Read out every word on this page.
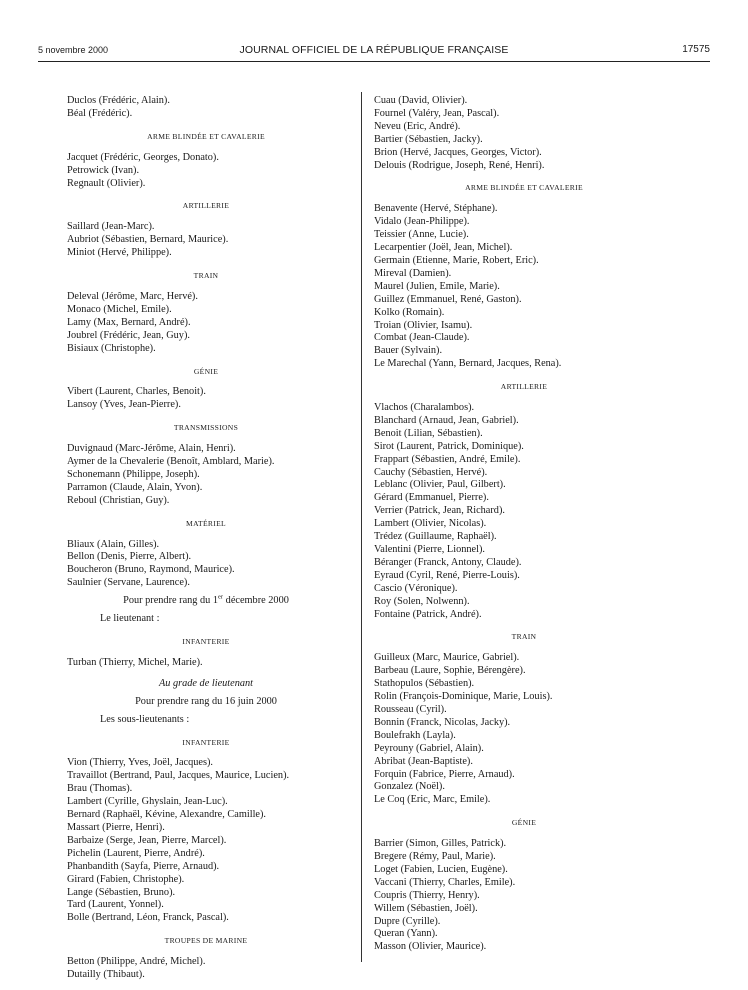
5 novembre 2000	JOURNAL OFFICIEL DE LA RÉPUBLIQUE FRANÇAISE	17575
Duclos (Frédéric, Alain).
Béal (Frédéric).
ARME BLINDÉE ET CAVALERIE
Jacquet (Frédéric, Georges, Donato).
Petrowick (Ivan).
Regnault (Olivier).
ARTILLERIE
Saillard (Jean-Marc).
Aubriot (Sébastien, Bernard, Maurice).
Miniot (Hervé, Philippe).
TRAIN
Deleval (Jérôme, Marc, Hervé).
Monaco (Michel, Emile).
Lamy (Max, Bernard, André).
Joubrel (Frédéric, Jean, Guy).
Bisiaux (Christophe).
GÉNIE
Vibert (Laurent, Charles, Benoit).
Lansoy (Yves, Jean-Pierre).
TRANSMISSIONS
Duvignaud (Marc-Jérôme, Alain, Henri).
Aymer de la Chevalerie (Benoît, Amblard, Marie).
Schonemann (Philippe, Joseph).
Parramon (Claude, Alain, Yvon).
Reboul (Christian, Guy).
MATÉRIEL
Bliaux (Alain, Gilles).
Bellon (Denis, Pierre, Albert).
Boucheron (Bruno, Raymond, Maurice).
Saulnier (Servane, Laurence).
Pour prendre rang du 1er décembre 2000
Le lieutenant :
INFANTERIE
Turban (Thierry, Michel, Marie).
Au grade de lieutenant
Pour prendre rang du 16 juin 2000
Les sous-lieutenants :
INFANTERIE
Vion (Thierry, Yves, Joël, Jacques).
Travaillot (Bertrand, Paul, Jacques, Maurice, Lucien).
Brau (Thomas).
Lambert (Cyrille, Ghyslain, Jean-Luc).
Bernard (Raphaël, Kévine, Alexandre, Camille).
Massart (Pierre, Henri).
Barbaize (Serge, Jean, Pierre, Marcel).
Pichelin (Laurent, Pierre, André).
Phanbandith (Sayfa, Pierre, Arnaud).
Girard (Fabien, Christophe).
Lange (Sébastien, Bruno).
Tard (Laurent, Yonnel).
Bolle (Bertrand, Léon, Franck, Pascal).
TROUPES DE MARINE
Betton (Philippe, André, Michel).
Dutailly (Thibaut).
Cuau (David, Olivier).
Fournel (Valéry, Jean, Pascal).
Neveu (Eric, André).
Bartier (Sébastien, Jacky).
Brion (Hervé, Jacques, Georges, Victor).
Delouis (Rodrigue, Joseph, René, Henri).
ARME BLINDÉE ET CAVALERIE
Benavente (Hervé, Stéphane).
Vidalo (Jean-Philippe).
Teissier (Anne, Lucie).
Lecarpentier (Joël, Jean, Michel).
Germain (Etienne, Marie, Robert, Eric).
Mireval (Damien).
Maurel (Julien, Emile, Marie).
Guillez (Emmanuel, René, Gaston).
Kolko (Romain).
Troian (Olivier, Isamu).
Combat (Jean-Claude).
Bauer (Sylvain).
Le Marechal (Yann, Bernard, Jacques, Rena).
ARTILLERIE
Vlachos (Charalambos).
Blanchard (Arnaud, Jean, Gabriel).
Benoit (Lilian, Sébastien).
Sirot (Laurent, Patrick, Dominique).
Frappart (Sébastien, André, Emile).
Cauchy (Sébastien, Hervé).
Leblanc (Olivier, Paul, Gilbert).
Gérard (Emmanuel, Pierre).
Verrier (Patrick, Jean, Richard).
Lambert (Olivier, Nicolas).
Trédez (Guillaume, Raphaël).
Valentini (Pierre, Lionnel).
Béranger (Franck, Antony, Claude).
Eyraud (Cyril, René, Pierre-Louis).
Cascio (Véronique).
Roy (Solen, Nolwenn).
Fontaine (Patrick, André).
TRAIN
Guilleux (Marc, Maurice, Gabriel).
Barbeau (Laure, Sophie, Bérengère).
Stathopulos (Sébastien).
Rolin (François-Dominique, Marie, Louis).
Rousseau (Cyril).
Bonnin (Franck, Nicolas, Jacky).
Boulefrakh (Layla).
Peyrouny (Gabriel, Alain).
Abribat (Jean-Baptiste).
Forquin (Fabrice, Pierre, Arnaud).
Gonzalez (Noël).
Le Coq (Eric, Marc, Emile).
GÉNIE
Barrier (Simon, Gilles, Patrick).
Bregere (Rémy, Paul, Marie).
Loget (Fabien, Lucien, Eugène).
Vaccani (Thierry, Charles, Emile).
Coupris (Thierry, Henry).
Willem (Sébastien, Joël).
Dupre (Cyrille).
Queran (Yann).
Masson (Olivier, Maurice).
